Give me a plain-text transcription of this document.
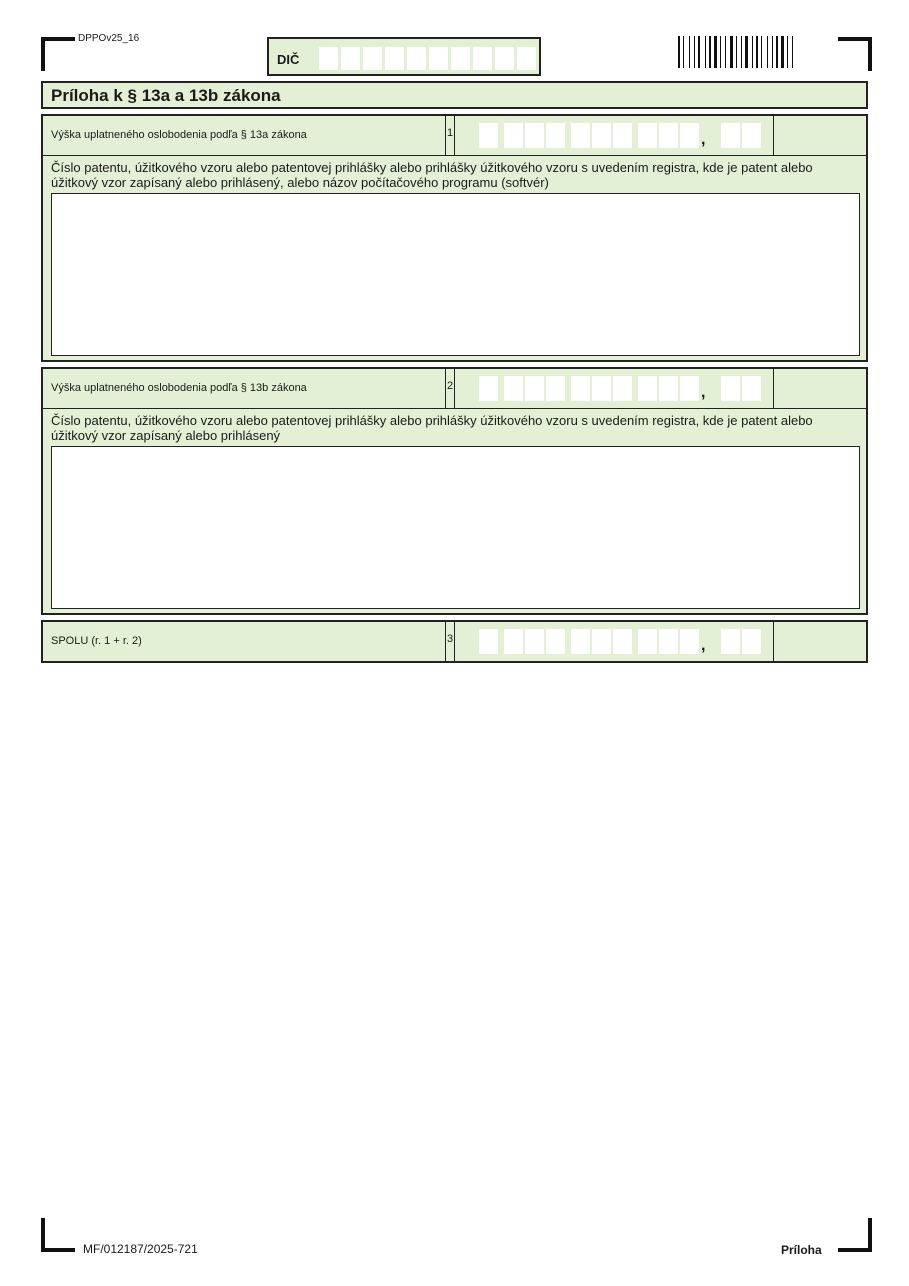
DPPOv25_16
DIČ
Príloha k § 13a a 13b zákona
Výška uplatneného oslobodenia podľa § 13a zákona	1	,
Číslo patentu, úžitkového vzoru alebo patentovej prihlášky alebo prihlášky úžitkového vzoru s uvedením registra, kde je patent alebo úžitkový vzor zapísaný alebo prihlásený, alebo názov počítačového programu (softvér)
Výška uplatneného oslobodenia podľa § 13b zákona	2	,
Číslo patentu, úžitkového vzoru alebo patentovej prihlášky alebo prihlášky úžitkového vzoru s uvedením registra, kde je patent alebo úžitkový vzor zapísaný alebo prihlásený
SPOLU (r. 1 + r. 2)	3	,
MF/012187/2025-721	Príloha
